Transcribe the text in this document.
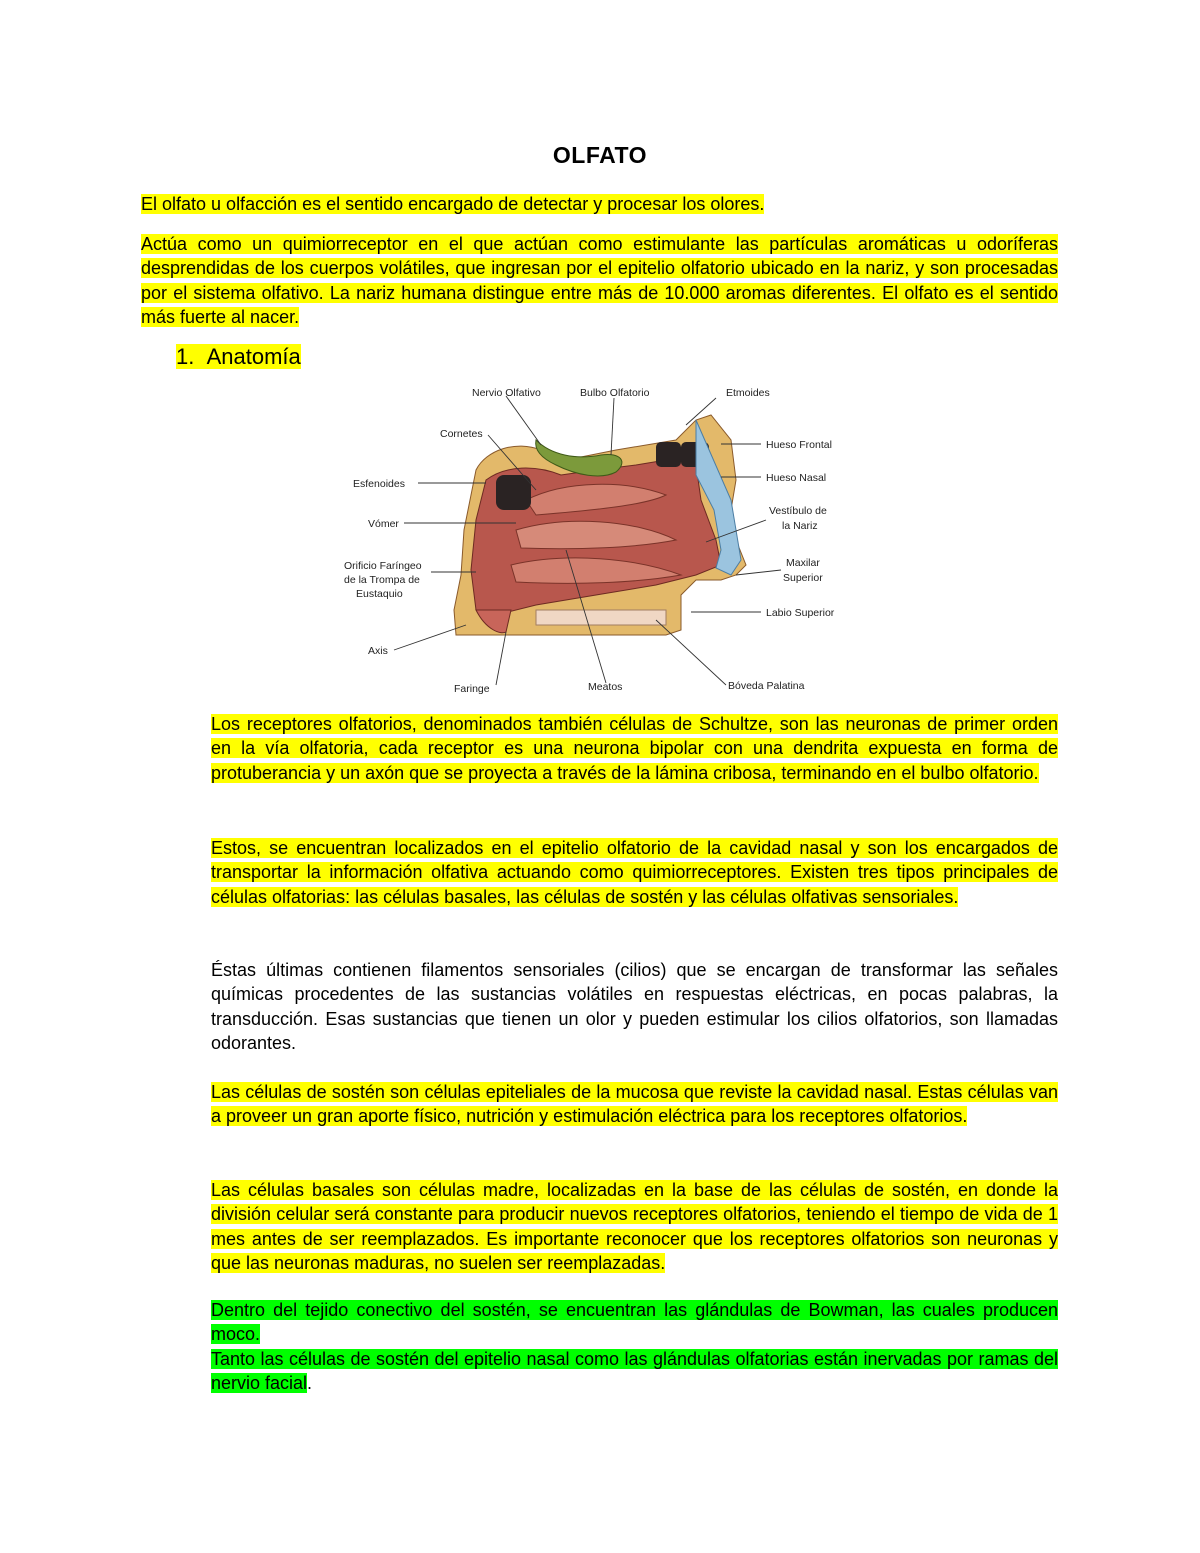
OLFATO
El olfato u olfacción es el sentido encargado de detectar y procesar los olores.
Actúa como un quimiorreceptor en el que actúan como estimulante las partículas aromáticas u odoríferas desprendidas de los cuerpos volátiles, que ingresan por el epitelio olfatorio ubicado en la nariz, y son procesadas por el sistema olfativo. La nariz humana distingue entre más de 10.000 aromas diferentes. El olfato es el sentido más fuerte al nacer.
1. Anatomía
Nervio Olfativo	Bulbo Olfatorio	Etmoides
Cornetes
Hueso Frontal
Hueso Nasal
Esfenoides
Vestíbulo de
la Nariz
Vómer
Orificio Faríngeo
de la Trompa de
Eustaquio
Maxilar
Superior
Labio Superior
Axis
Faringe	Meatos	Bóveda Palatina
Los receptores olfatorios, denominados también células de Schultze, son las neuronas de primer orden en la vía olfatoria, cada receptor es una neurona bipolar con una dendrita expuesta en forma de protuberancia y un axón que se proyecta a través de la lámina cribosa, terminando en el bulbo olfatorio.
Estos, se encuentran localizados en el epitelio olfatorio de la cavidad nasal y son los encargados de transportar la información olfativa actuando como quimiorreceptores. Existen tres tipos principales de células olfatorias: las células basales, las células de sostén y las células olfativas sensoriales.
Éstas últimas contienen filamentos sensoriales (cilios) que se encargan de transformar las señales químicas procedentes de las sustancias volátiles en respuestas eléctricas, en pocas palabras, la transducción. Esas sustancias que tienen un olor y pueden estimular los cilios olfatorios, son llamadas odorantes.
Las células de sostén son células epiteliales de la mucosa que reviste la cavidad nasal. Estas células van a proveer un gran aporte físico, nutrición y estimulación eléctrica para los receptores olfatorios.
Las células basales son células madre, localizadas en la base de las células de sostén, en donde la división celular será constante para producir nuevos receptores olfatorios, teniendo el tiempo de vida de 1 mes antes de ser reemplazados. Es importante reconocer que los receptores olfatorios son neuronas y que las neuronas maduras, no suelen ser reemplazadas.
Dentro del tejido conectivo del sostén, se encuentran las glándulas de Bowman, las cuales producen moco.
Tanto las células de sostén del epitelio nasal como las glándulas olfatorias están inervadas por ramas del nervio facial.
